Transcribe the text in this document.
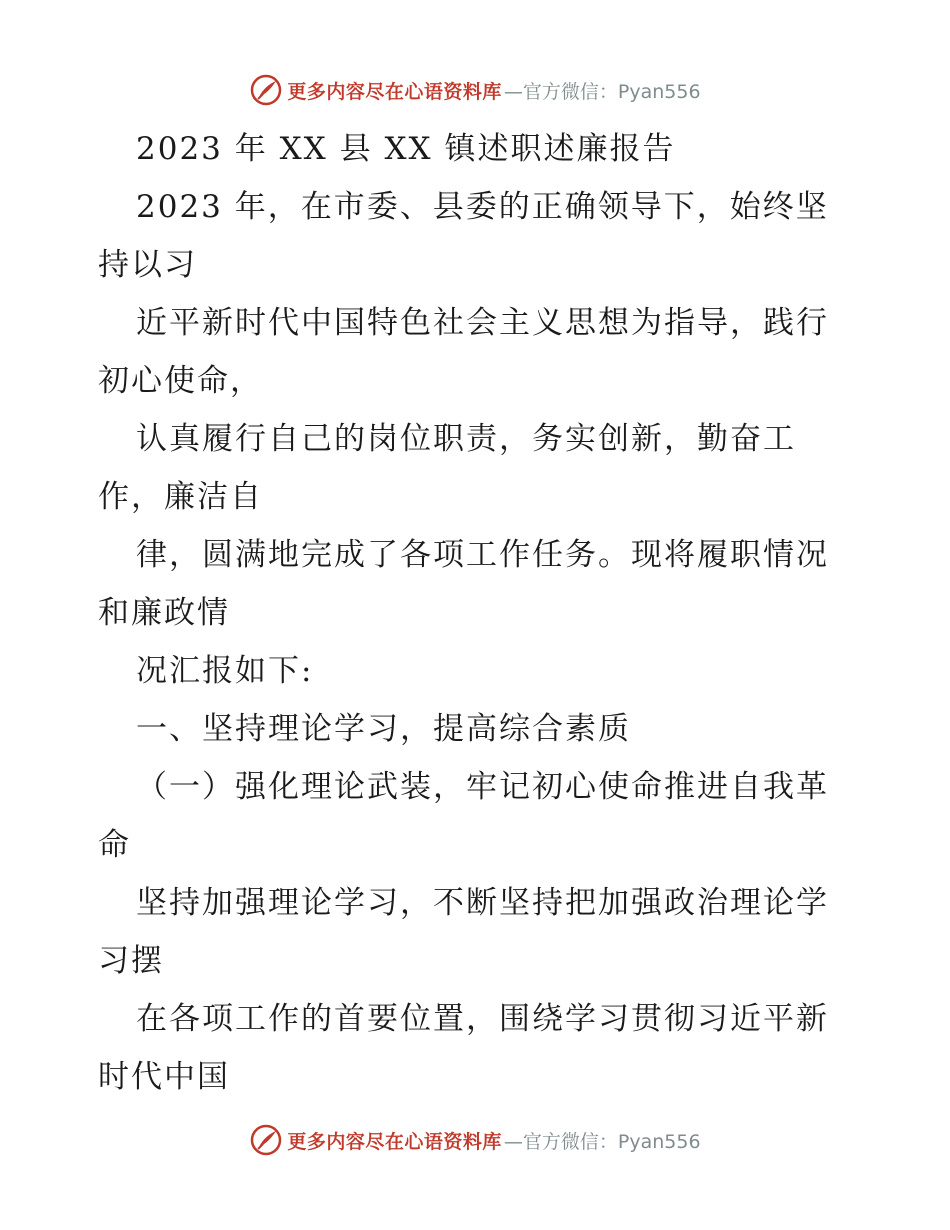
更多内容尽在心语资料库 —官方微信：Pyan556
2023 年 XX 县 XX 镇述职述廉报告
2023 年，在市委、县委的正确领导下，始终坚
持以习
近平新时代中国特色社会主义思想为指导，践行
初心使命，
认真履行自己的岗位职责，务实创新，勤奋工
作，廉洁自
律，圆满地完成了各项工作任务。现将履职情况
和廉政情
况汇报如下:
一、坚持理论学习，提高综合素质
（一）强化理论武装，牢记初心使命推进自我革
命
坚持加强理论学习，不断坚持把加强政治理论学
习摆
在各项工作的首要位置，围绕学习贯彻习近平新
时代中国
更多内容尽在心语资料库 —官方微信：Pyan556
